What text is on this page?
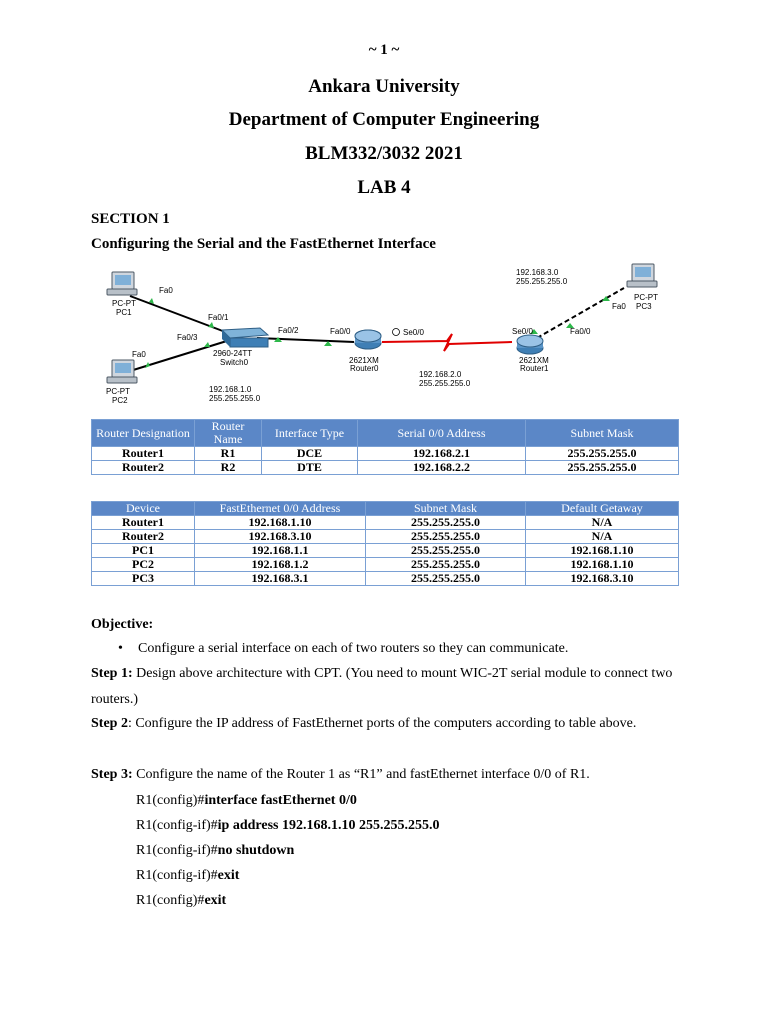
~ 1 ~
Ankara University
Department of Computer Engineering
BLM332/3032 2021
LAB 4
SECTION 1
Configuring the Serial and the FastEthernet Interface
PC-PT
PC1
Fa0
PC-PT
PC2
Fa0	2960-24TT
Switch0
Fa0/1
Fa0/3
Fa0/2
2621XM
Router0
Fa0/0	Se0/0
2621XM
Router1
Se0/0	Fa0/0
PC-PT
PC3
Fa0
192.168.1.0
255.255.255.0
192.168.2.0
255.255.255.0
192.168.3.0
255.255.255.0
Router Designation	Router Name	Interface Type	Serial 0/0 Address	Subnet Mask
Router1	R1	DCE	192.168.2.1	255.255.255.0
Router2	R2	DTE	192.168.2.2	255.255.255.0
Device	FastEthernet 0/0 Address	Subnet Mask	Default Getaway
Router1	192.168.1.10	255.255.255.0	N/A
Router2	192.168.3.10	255.255.255.0	N/A
PC1	192.168.1.1	255.255.255.0	192.168.1.10
PC2	192.168.1.2	255.255.255.0	192.168.1.10
PC3	192.168.3.1	255.255.255.0	192.168.3.10
Objective:
• Configure a serial interface on each of two routers so they can communicate.
Step 1: Design above architecture with CPT. (You need to mount WIC-2T serial module to connect two routers.)
Step 2: Configure the IP address of FastEthernet ports of the computers according to table above.
Step 3: Configure the name of the Router 1 as “R1” and fastEthernet interface 0/0 of R1.
R1(config)#interface fastEthernet 0/0
R1(config-if)#ip address 192.168.1.10 255.255.255.0
R1(config-if)#no shutdown
R1(config-if)#exit
R1(config)#exit
